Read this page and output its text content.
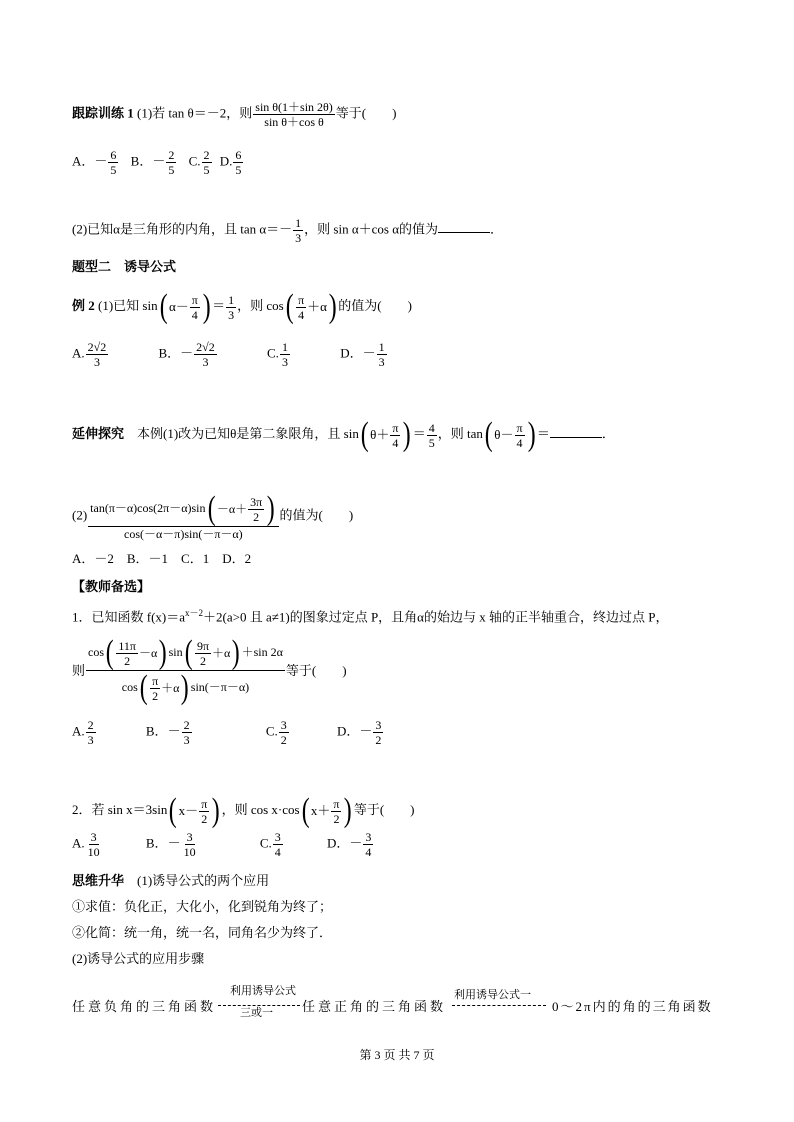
跟踪训练 1 (1)若 tan θ＝－2，则 $\frac{\text{sin θ(1＋sin 2θ)}}{\text{sin θ＋cos θ}}$ 等于(　　)
A．－ $\frac{6}{5}$ B．－ $\frac{2}{5} C$. $\frac{2}{5} D$. $\frac{6}{5}$
(2)已知α是三角形的内角，且 $\tan \alpha=- \frac{1}{3}$ ，则 sin α＋cos α的值为	．
题型二　诱导公式
例 2 (1)已知 sin ( $\alpha- \frac{\pi}{4}$ ) ＝ $\frac{1}{3}$ ，则 cos ( $\frac{\pi}{4} +\alpha$ ) 的值为(　　)
A. $\frac{2√2}{3}$	B．－ $\frac{2√2}{3}$	C. $\frac{1}{3}$	D．－ $\frac{1}{3}$
延伸探究　本例(1)改为已知θ是第二象限角，且 sin ( $\theta+ \frac{\pi}{4}$ ) ＝ $\frac{4}{5}$ ，则 tan ( $\theta- \frac{\pi}{4}$ ) ＝	．
$(2) \frac{\tan(\pi-\alpha)\cos(2\pi-\alpha)\sin ( -\alpha+ \frac{3\pi}{2} )}{\cos(-\alpha-\pi)\sin(-\pi-\alpha)}$ 的值为(　　)
A．－2　B．－1　C．1　D．2
【教师备选】
1．已知函数 $f(x)=a^{x-2}+2(a>0$ 且 a≠1)的图象过定点 P，且角α的始边与 x 轴的正半轴重合，终边过点 P，
则 $\frac{\cos ( \frac{11\pi}{2} -\alpha ) \sin ( \frac{9\pi}{2} +\alpha ) +\sin 2\alpha}{\cos ( \frac{\pi}{2} +\alpha ) \sin(-\pi-\alpha)}$ 等于(　　)
A. $\frac{2}{3}$	B．－ $\frac{2}{3}$	C. $\frac{3}{2}$	D．－ $\frac{3}{2}$
2．若 sin x＝3sin ( $x- \frac{\pi}{2}$ ) ，则 cos x·cos ( $x+ \frac{\pi}{2}$ ) 等于(　　)
A. $\frac{3}{10}$	B．－ $\frac{3}{10}$	C. $\frac{3}{4}$	D．－ $\frac{3}{4}$
思维升华　(1)诱导公式的两个应用
①求值：负化正，大化小，化到锐角为终了；
②化简：统一角，统一名，同角名少为终了．
(2)诱导公式的应用步骤
任意负角的三角函数
利用诱导公式
三或一 任意正角的三角函数
利用诱导公式一
0～2π内的角的三角函数
第 3 页 共 7 页
